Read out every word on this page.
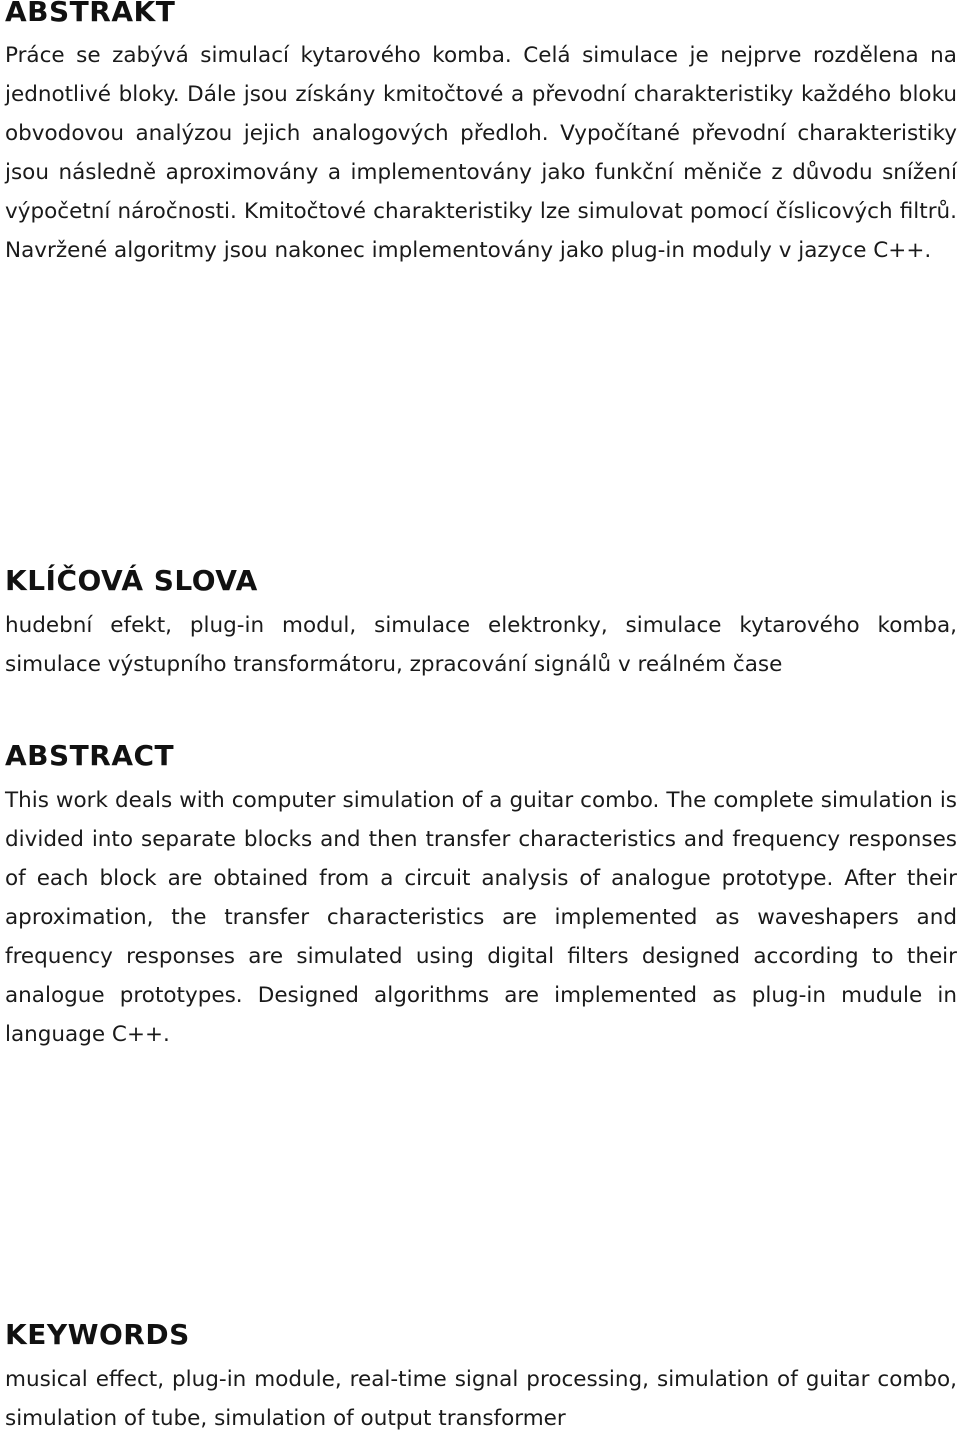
ABSTRAKT

Práce se zabývá simulací kytarového komba. Celá simulace je nejprve rozdělena na jednotlivé bloky. Dále jsou získány kmitočtové a převodní charakteristiky každého bloku obvodovou analýzou jejich analogových předloh. Vypočítané převodní charakteristiky jsou následně aproximovány a implementovány jako funkční měniče z důvodu snížení výpočetní náročnosti. Kmitočtové charakteristiky lze simulovat pomocí číslicových filtrů. Navržené algoritmy jsou nakonec implementovány jako plug-in moduly v jazyce C++.

KLÍČOVÁ SLOVA

hudební efekt, plug-in modul, simulace elektronky, simulace kytarového komba, simulace výstupního transformátoru, zpracování signálů v reálném čase

ABSTRACT

This work deals with computer simulation of a guitar combo. The complete simulation is divided into separate blocks and then transfer characteristics and frequency responses of each block are obtained from a circuit analysis of analogue prototype. After their aproximation, the transfer characteristics are implemented as waveshapers and frequency responses are simulated using digital filters designed according to their analogue prototypes. Designed algorithms are implemented as plug-in mudule in language C++.

KEYWORDS

musical effect, plug-in module, real-time signal processing, simulation of guitar combo, simulation of tube, simulation of output transformer
